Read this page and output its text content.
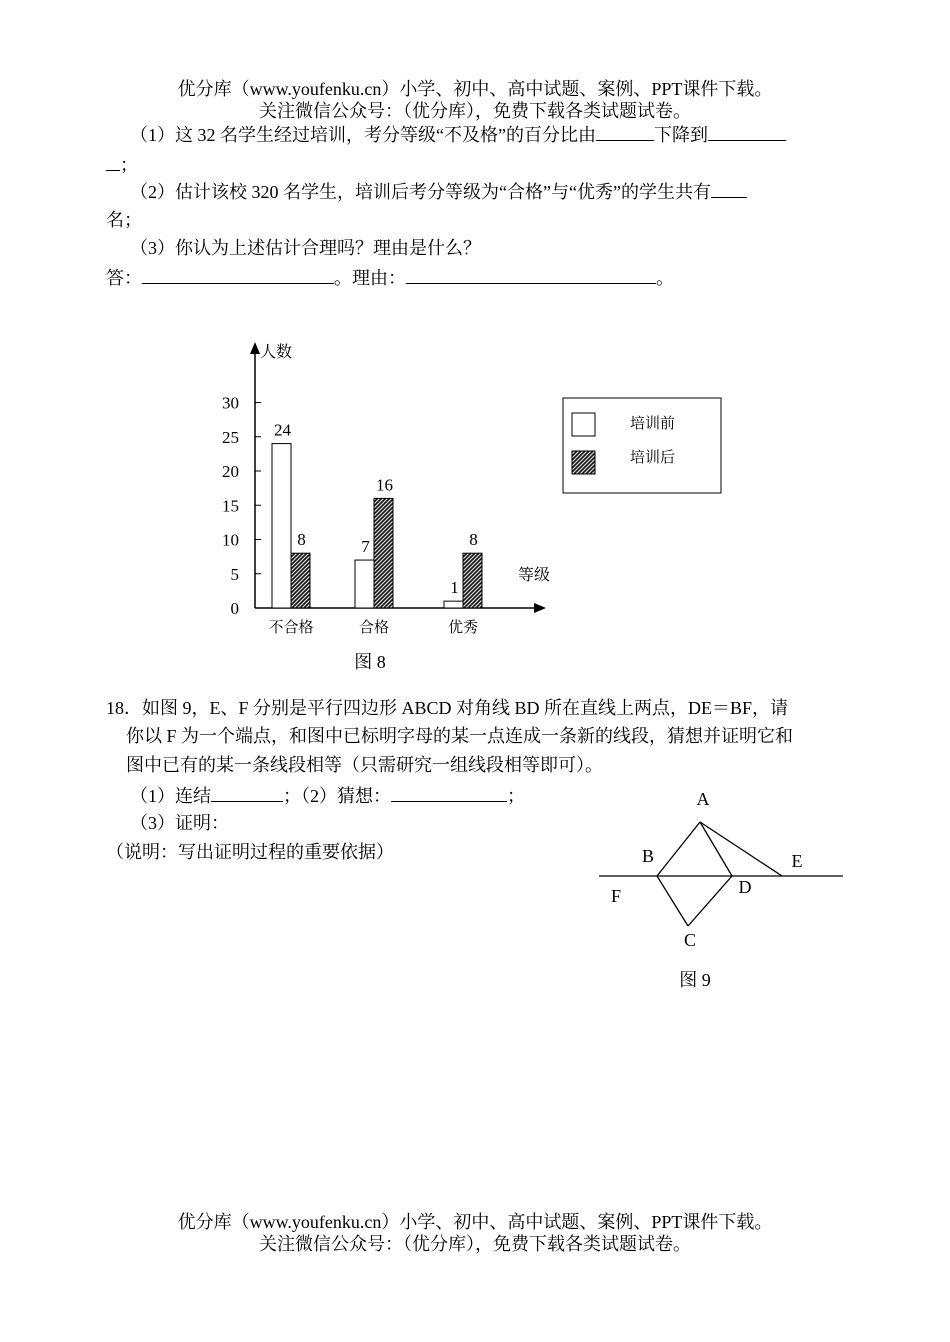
优分库（www.youfenku.cn）小学、初中、高中试题、案例、PPT课件下载。
关注微信公众号：（优分库），免费下载各类试题试卷。
（1）这 32 名学生经过培训，考分等级“不及格”的百分比由	下降到
；
（2）估计该校 320 名学生，培训后考分等级为“合格”与“优秀”的学生共有
名；
（3）你认为上述估计合理吗？理由是什么？
答：	。理由：	。
人数
等级
0
5
10
15
20
25
30
24
8
不合格
7
16
合格
1
8
优秀
培训前
培训后
图 8
18．如图 9，E、F 分别是平行四边形 ABCD 对角线 BD 所在直线上两点，DE＝BF，请
你以 F 为一个端点，和图中已标明字母的某一点连成一条新的线段，猜想并证明它和
图中已有的某一条线段相等（只需研究一组线段相等即可）。
（1）连结	；（2）猜想：	；
（3）证明：
（说明：写出证明过程的重要依据）
A
B
C
D
E
F
图 9
优分库（www.youfenku.cn）小学、初中、高中试题、案例、PPT课件下载。
关注微信公众号：（优分库），免费下载各类试题试卷。
